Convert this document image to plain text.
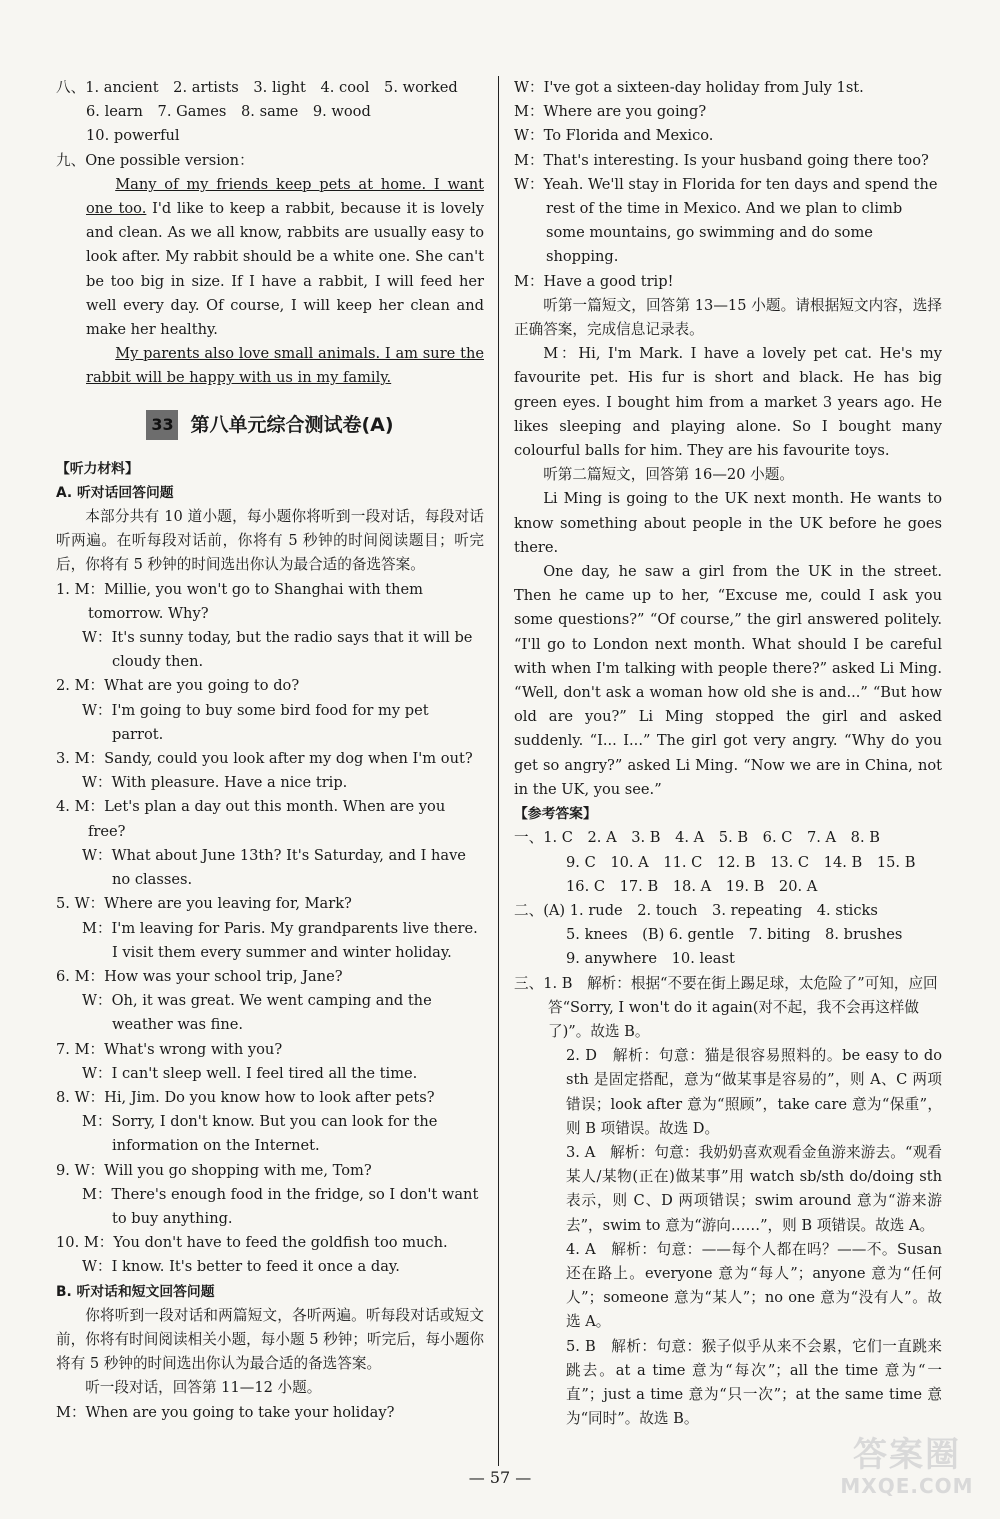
八、1. ancient　2. artists　3. light　4. cool　5. worked

6. learn　7. Games　8. same　9. wood

10. powerful

九、One possible version：

Many of my friends keep pets at home. I want one too. I'd like to keep a rabbit, because it is lovely and clean. As we all know, rabbits are usually easy to look after. My rabbit should be a white one. She can't be too big in size. If I have a rabbit, I will feed her well every day. Of course, I will keep her clean and make her healthy.

My parents also love small animals. I am sure the rabbit will be happy with us in my family.

33 第八单元综合测试卷(A)

【听力材料】

A. 听对话回答问题

本部分共有 10 道小题，每小题你将听到一段对话，每段对话听两遍。在听每段对话前，你将有 5 秒钟的时间阅读题目；听完后，你将有 5 秒钟的时间选出你认为最合适的备选答案。

1. M：Millie, you won't go to Shanghai with them tomorrow. Why?

W：It's sunny today, but the radio says that it will be cloudy then.

2. M：What are you going to do?

W：I'm going to buy some bird food for my pet parrot.

3. M：Sandy, could you look after my dog when I'm out?

W：With pleasure. Have a nice trip.

4. M：Let's plan a day out this month. When are you free?

W：What about June 13th? It's Saturday, and I have no classes.

5. W：Where are you leaving for, Mark?

M：I'm leaving for Paris. My grandparents live there. I visit them every summer and winter holiday.

6. M：How was your school trip, Jane?

W：Oh, it was great. We went camping and the weather was fine.

7. M：What's wrong with you?

W：I can't sleep well. I feel tired all the time.

8. W：Hi, Jim. Do you know how to look after pets?

M：Sorry, I don't know. But you can look for the information on the Internet.

9. W：Will you go shopping with me, Tom?

M：There's enough food in the fridge, so I don't want to buy anything.

10. M：You don't have to feed the goldfish too much.

W：I know. It's better to feed it once a day.

B. 听对话和短文回答问题

你将听到一段对话和两篇短文，各听两遍。听每段对话或短文前，你将有时间阅读相关小题，每小题 5 秒钟；听完后，每小题你将有 5 秒钟的时间选出你认为最合适的备选答案。

听一段对话，回答第 11—12 小题。

M：When are you going to take your holiday?

W：I've got a sixteen-day holiday from July 1st.

M：Where are you going?

W：To Florida and Mexico.

M：That's interesting. Is your husband going there too?

W：Yeah. We'll stay in Florida for ten days and spend the rest of the time in Mexico. And we plan to climb some mountains, go swimming and do some shopping.

M：Have a good trip!

听第一篇短文，回答第 13—15 小题。请根据短文内容，选择正确答案，完成信息记录表。

M：Hi, I'm Mark. I have a lovely pet cat. He's my favourite pet. His fur is short and black. He has big green eyes. I bought him from a market 3 years ago. He likes sleeping and playing alone. So I bought many colourful balls for him. They are his favourite toys.

听第二篇短文，回答第 16—20 小题。

Li Ming is going to the UK next month. He wants to know something about people in the UK before he goes there.

One day, he saw a girl from the UK in the street. Then he came up to her, “Excuse me, could I ask you some questions?” “Of course,” the girl answered politely. “I'll go to London next month. What should I be careful with when I'm talking with people there?” asked Li Ming. “Well, don't ask a woman how old she is and...” “But how old are you?” Li Ming stopped the girl and asked suddenly. “I... I...” The girl got very angry. “Why do you get so angry?” asked Li Ming. “Now we are in China, not in the UK, you see.”

【参考答案】

一、1. C　2. A　3. B　4. A　5. B　6. C　7. A　8. B

9. C　10. A　11. C　12. B　13. C　14. B　15. B

16. C　17. B　18. A　19. B　20. A

二、(A) 1. rude　2. touch　3. repeating　4. sticks

5. knees　(B) 6. gentle　7. biting　8. brushes

9. anywhere　10. least

三、1. B　解析：根据“不要在街上踢足球，太危险了”可知，应回答“Sorry, I won't do it again(对不起，我不会再这样做了)”。故选 B。

2. D　解析：句意：猫是很容易照料的。be easy to do sth 是固定搭配，意为“做某事是容易的”，则 A、C 两项错误；look after 意为“照顾”，take care 意为“保重”，则 B 项错误。故选 D。

3. A　解析：句意：我奶奶喜欢观看金鱼游来游去。“观看某人/某物(正在)做某事”用 watch sb/sth do/doing sth 表示，则 C、D 两项错误；swim around 意为“游来游去”，swim to 意为“游向……”，则 B 项错误。故选 A。

4. A　解析：句意：——每个人都在吗？——不。Susan 还在路上。everyone 意为“每人”；anyone 意为“任何人”；someone 意为“某人”；no one 意为“没有人”。故选 A。

5. B　解析：句意：猴子似乎从来不会累，它们一直跳来跳去。at a time 意为“每次”；all the time 意为“一直”；just a time 意为“只一次”；at the same time 意为“同时”。故选 B。

— 57 —
答案圈
MXQE.COM
